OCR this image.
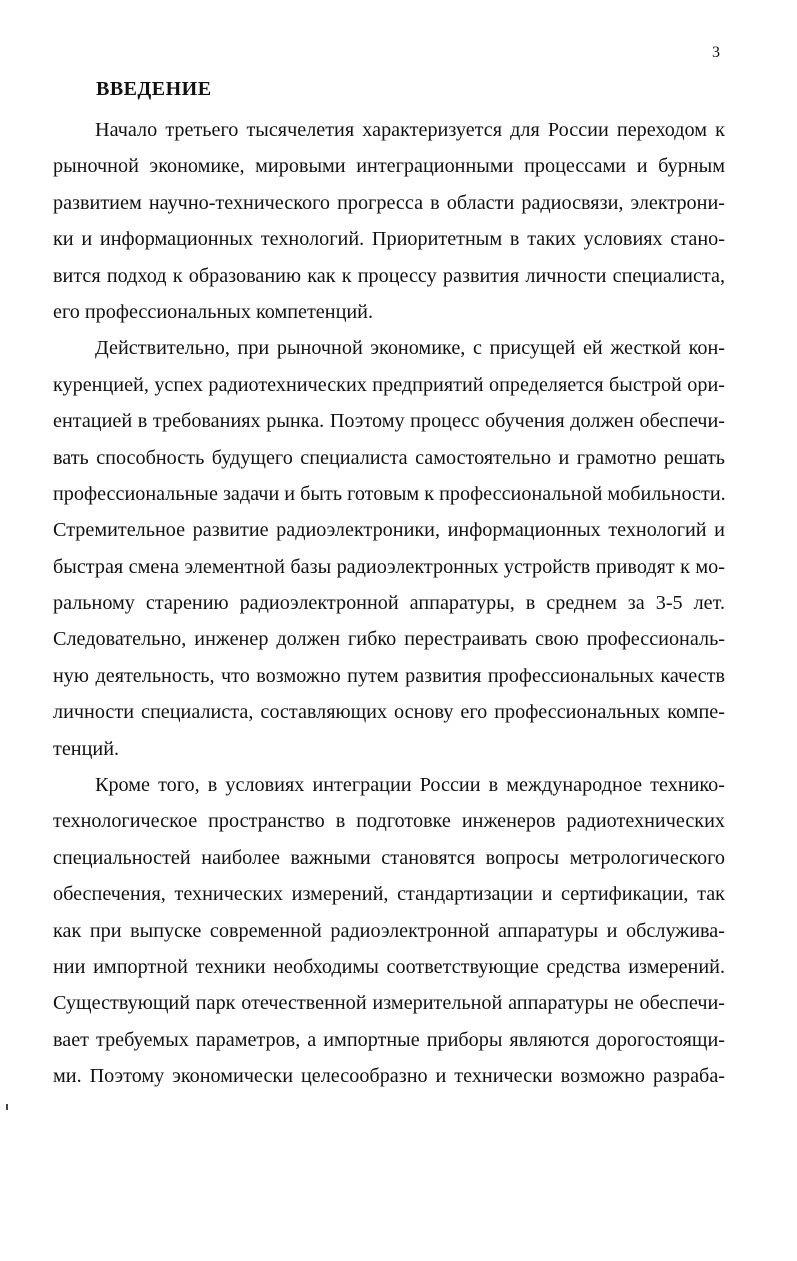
3
ВВЕДЕНИЕ
Начало третьего тысячелетия характеризуется для России переходом к
рыночной экономике, мировыми интеграционными процессами и бурным
развитием научно-технического прогресса в области радиосвязи, электрони-
ки и информационных технологий. Приоритетным в таких условиях стано-
вится подход к образованию как к процессу развития личности специалиста,
его профессиональных компетенций.
Действительно, при рыночной экономике, с присущей ей жесткой кон-
куренцией, успех радиотехнических предприятий определяется быстрой ори-
ентацией в требованиях рынка. Поэтому процесс обучения должен обеспечи-
вать способность будущего специалиста самостоятельно и грамотно решать
профессиональные задачи и быть готовым к профессиональной мобильности.
Стремительное развитие радиоэлектроники, информационных технологий и
быстрая смена элементной базы радиоэлектронных устройств приводят к мо-
ральному старению радиоэлектронной аппаратуры, в среднем за 3-5 лет.
Следовательно, инженер должен гибко перестраивать свою профессиональ-
ную деятельность, что возможно путем развития профессиональных качеств
личности специалиста, составляющих основу его профессиональных компе-
тенций.
Кроме того, в условиях интеграции России в международное технико-
технологическое пространство в подготовке инженеров радиотехнических
специальностей наиболее важными становятся вопросы метрологического
обеспечения, технических измерений, стандартизации и сертификации, так
как при выпуске современной радиоэлектронной аппаратуры и обслужива-
нии импортной техники необходимы соответствующие средства измерений.
Существующий парк отечественной измерительной аппаратуры не обеспечи-
вает требуемых параметров, а импортные приборы являются дорогостоящи-
ми. Поэтому экономически целесообразно и технически возможно разраба-
